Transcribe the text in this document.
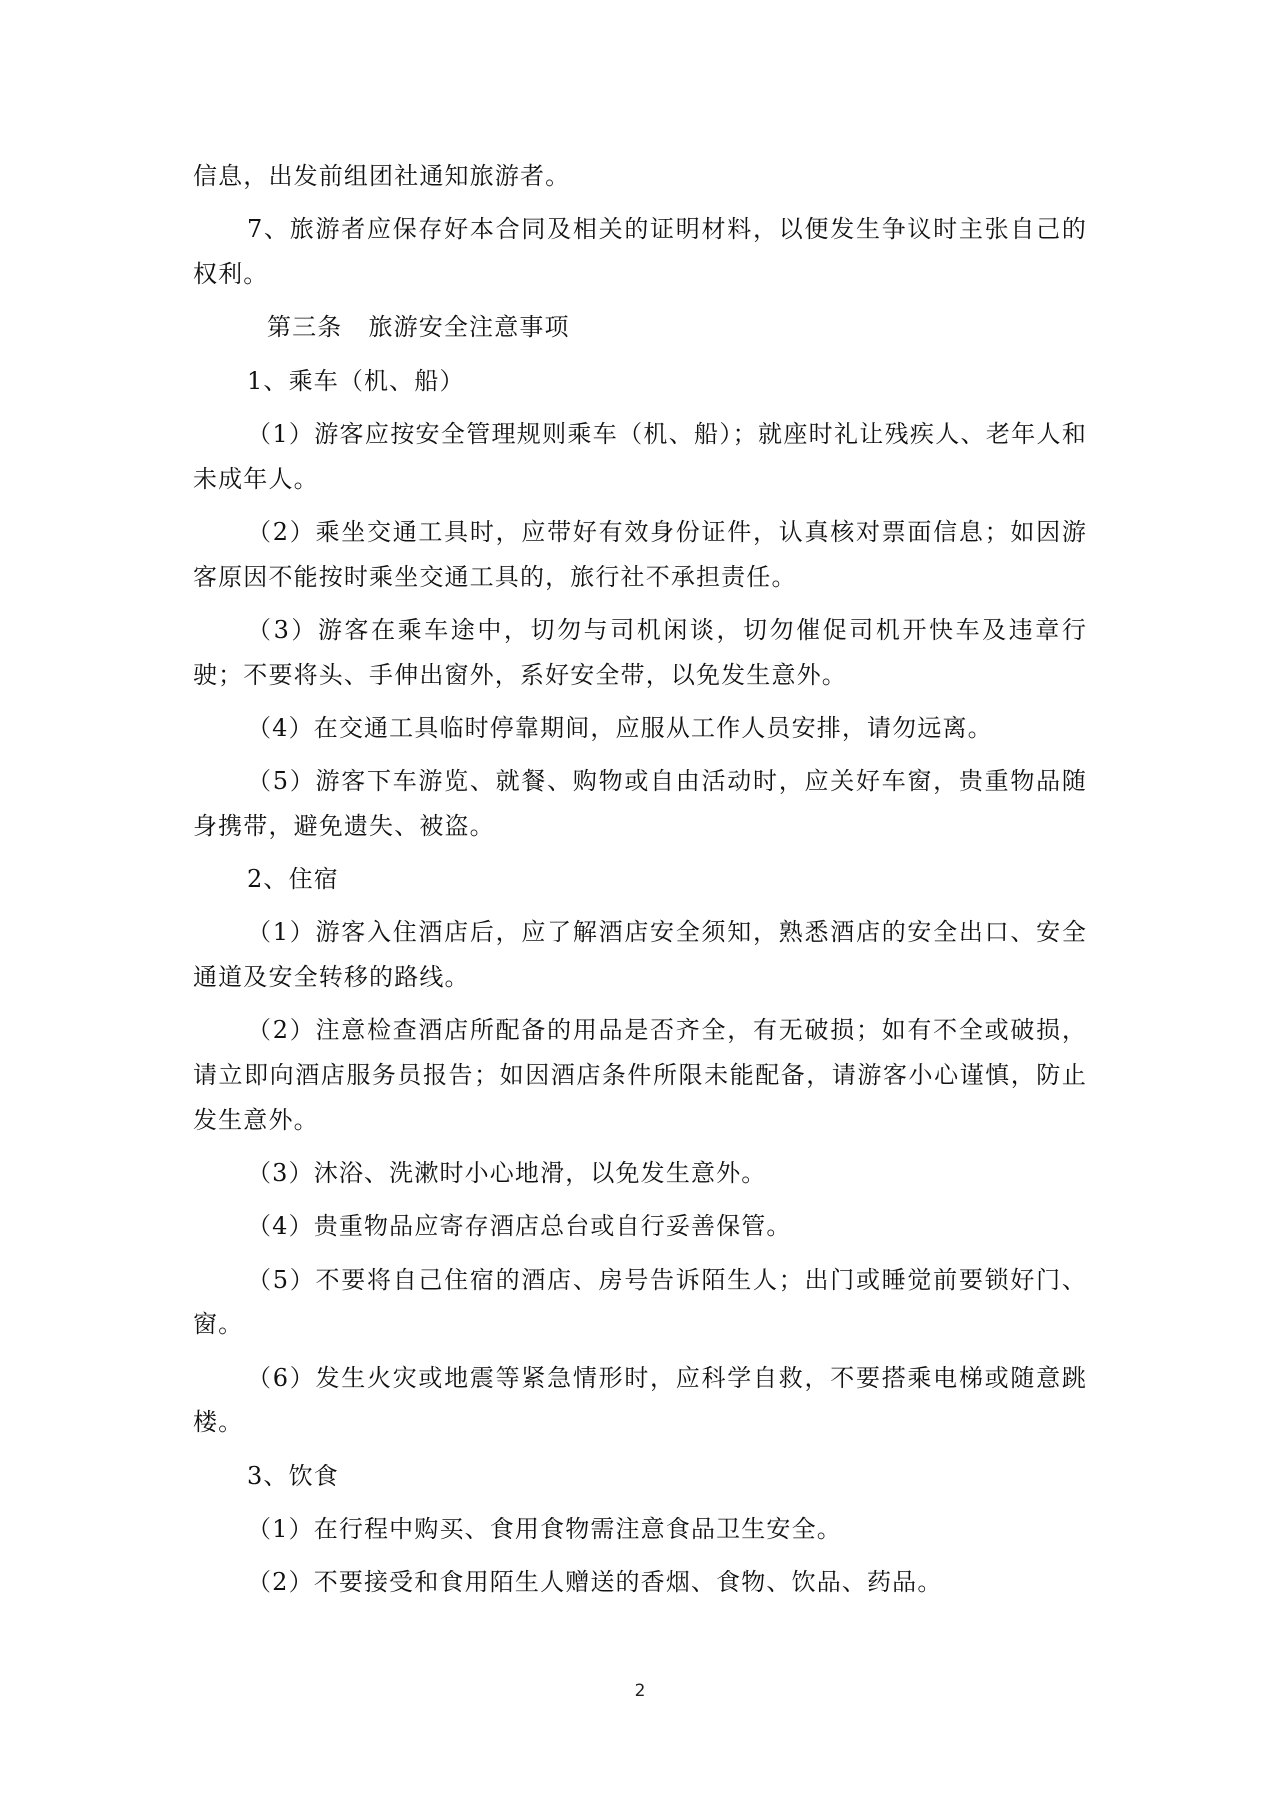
信息，出发前组团社通知旅游者。

7、旅游者应保存好本合同及相关的证明材料，以便发生争议时主张自己的权利。

第三条 旅游安全注意事项

1、乘车（机、船）

（1）游客应按安全管理规则乘车（机、船）；就座时礼让残疾人、老年人和未成年人。

（2）乘坐交通工具时，应带好有效身份证件，认真核对票面信息；如因游客原因不能按时乘坐交通工具的，旅行社不承担责任。

（3）游客在乘车途中，切勿与司机闲谈，切勿催促司机开快车及违章行驶；不要将头、手伸出窗外，系好安全带，以免发生意外。

（4）在交通工具临时停靠期间，应服从工作人员安排，请勿远离。

（5）游客下车游览、就餐、购物或自由活动时，应关好车窗，贵重物品随身携带，避免遗失、被盗。

2、住宿

（1）游客入住酒店后，应了解酒店安全须知，熟悉酒店的安全出口、安全通道及安全转移的路线。

（2）注意检查酒店所配备的用品是否齐全，有无破损；如有不全或破损，请立即向酒店服务员报告；如因酒店条件所限未能配备，请游客小心谨慎，防止发生意外。

（3）沐浴、洗漱时小心地滑，以免发生意外。

（4）贵重物品应寄存酒店总台或自行妥善保管。

（5）不要将自己住宿的酒店、房号告诉陌生人；出门或睡觉前要锁好门、窗。

（6）发生火灾或地震等紧急情形时，应科学自救，不要搭乘电梯或随意跳楼。

3、饮食

（1）在行程中购买、食用食物需注意食品卫生安全。

（2）不要接受和食用陌生人赠送的香烟、食物、饮品、药品。

2
